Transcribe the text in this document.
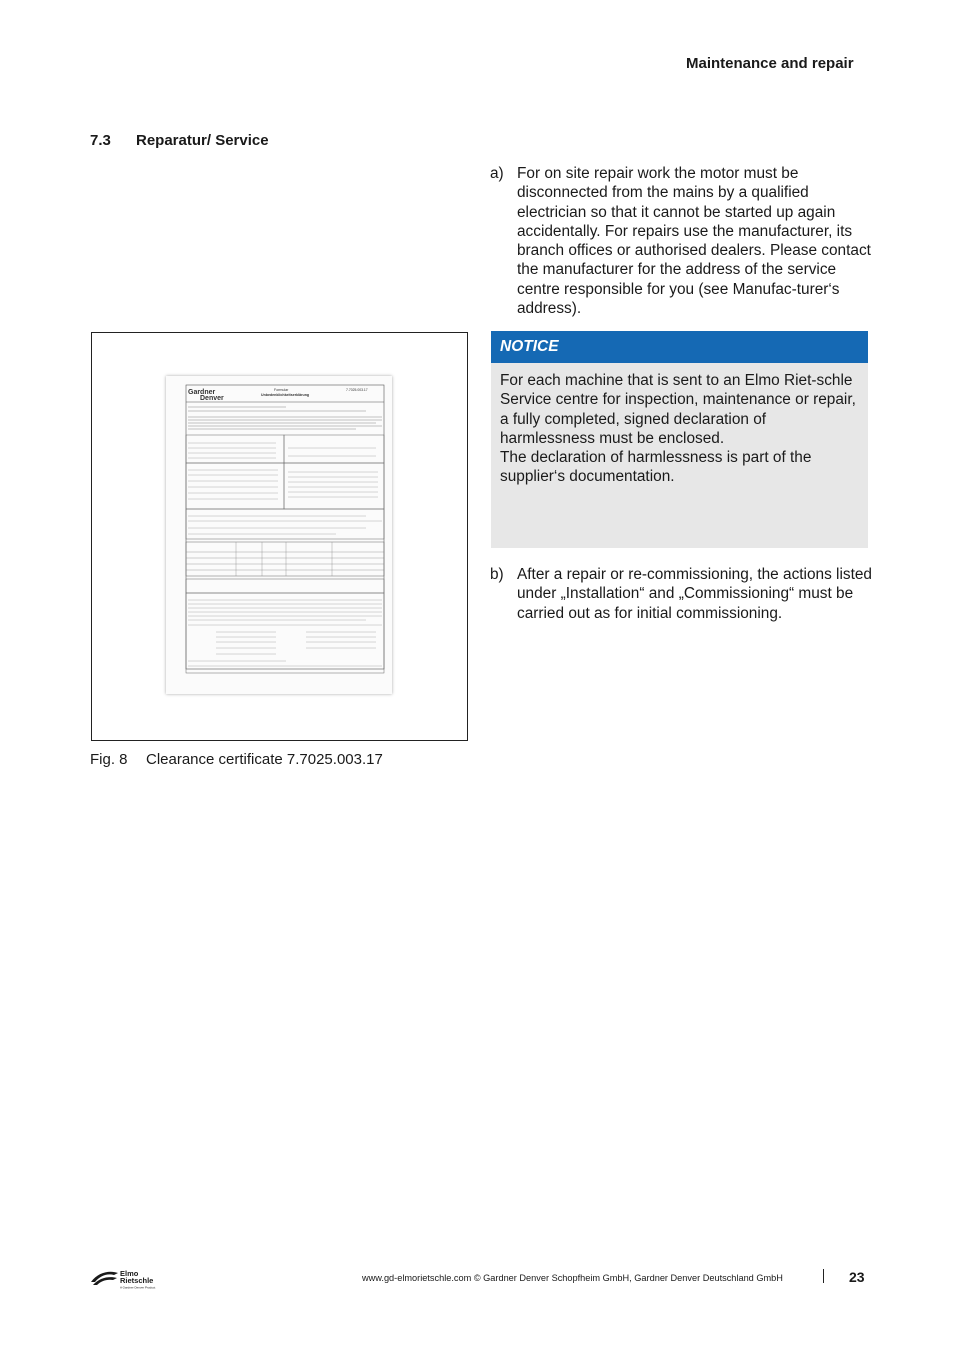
Maintenance and repair
7.3 Reparatur/ Service
a) For on site repair work the motor must be disconnected from the mains by a qualified electrician so that it cannot be started up again accidentally. For repairs use the manufacturer, its branch offices or authorised dealers. Please contact the manufacturer for the address of the service centre responsible for you (see Manufac-turer‘s address).
NOTICE
For each machine that is sent to an Elmo Riet-schle Service centre for inspection, maintenance or repair, a fully completed, signed declaration of harmlessness must be enclosed.
The declaration of harmlessness is part of the supplier‘s documentation.
b) After a repair or re-commissioning, the actions listed under „Installation“ and „Commissioning“ must be carried out as for initial commissioning.
Gardner
Denver
Formular
Unbedenklichkeitserklärung
7.7025.003.17
Fig. 8 Clearance certificate 7.7025.003.17
Elmo
Rietschle
A Gardner Denver Product
www.gd-elmorietschle.com © Gardner Denver Schopfheim GmbH, Gardner Denver Deutschland GmbH	23
